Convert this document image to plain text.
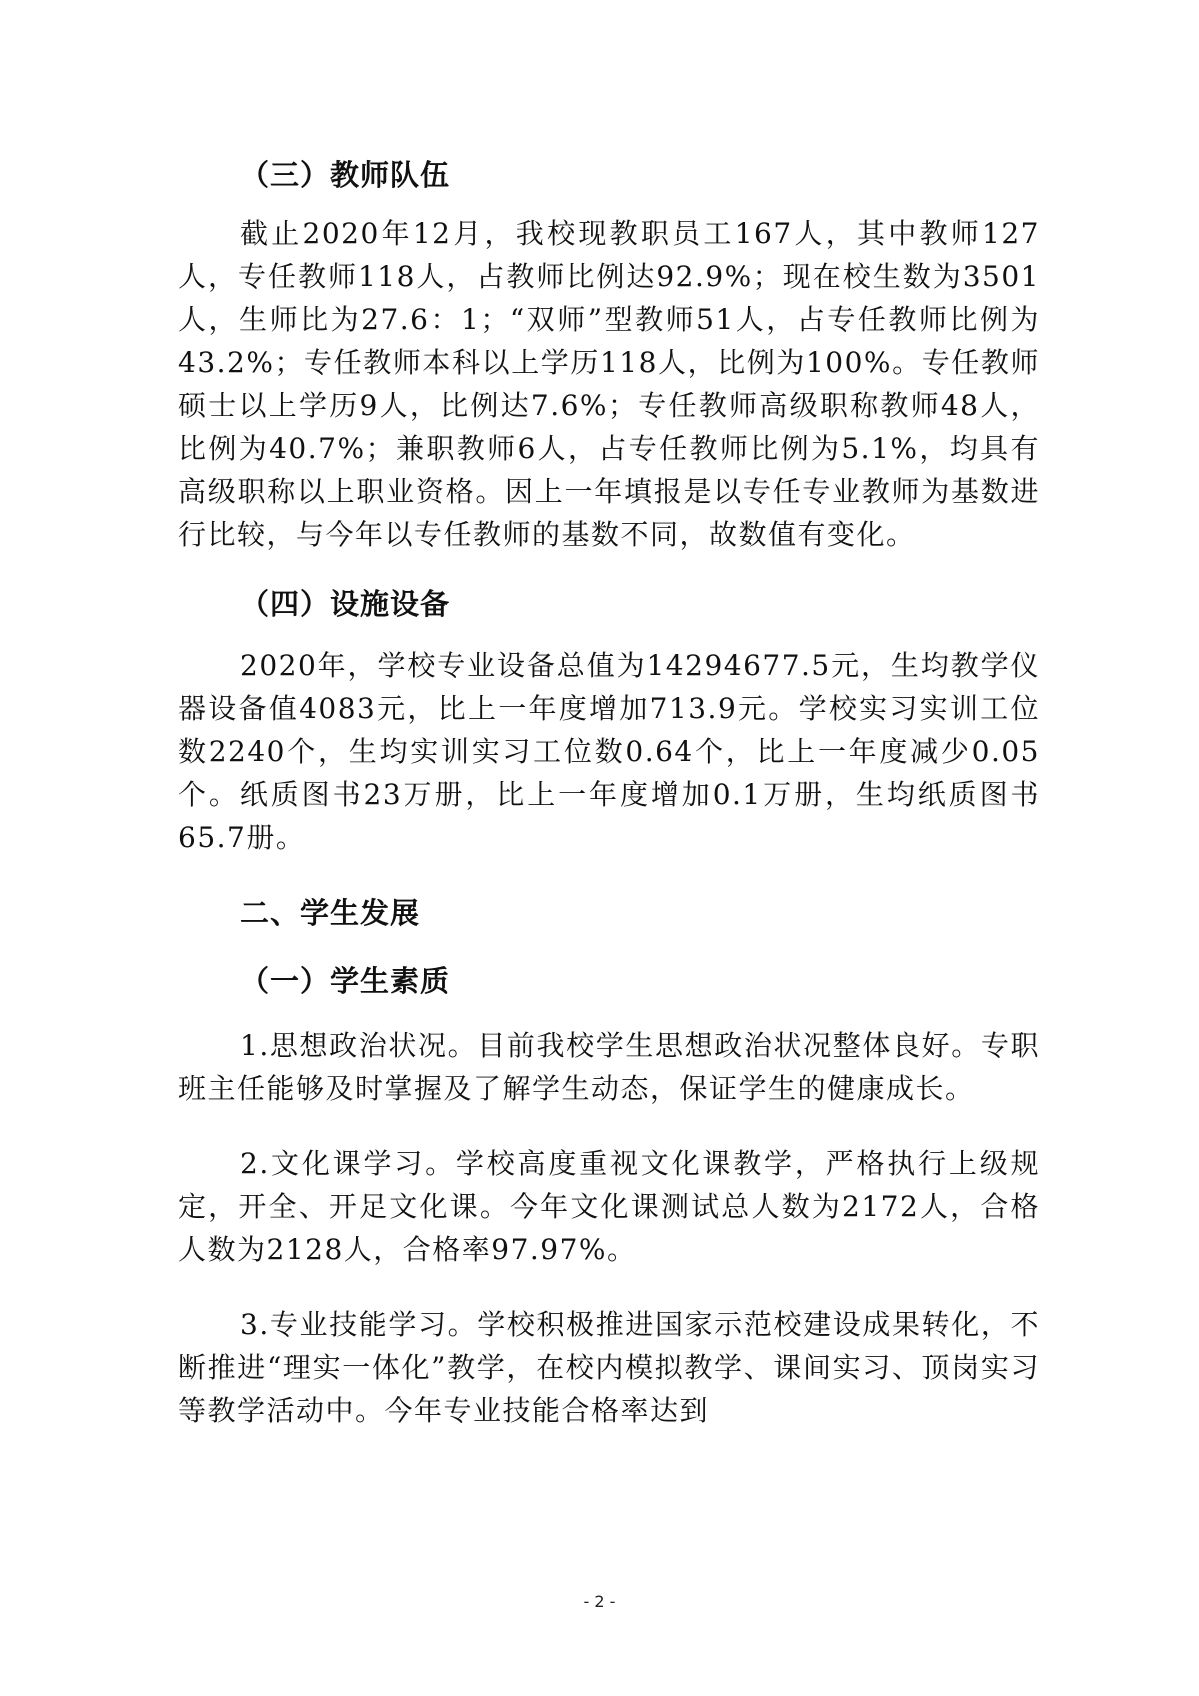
（三）教师队伍

截止2020年12月，我校现教职员工167人，其中教师127人，专任教师118人，占教师比例达92.9%；现在校生数为3501人，生师比为27.6：1；“双师”型教师51人，占专任教师比例为43.2%；专任教师本科以上学历118人，比例为100%。专任教师硕士以上学历9人，比例达7.6%；专任教师高级职称教师48人，比例为40.7%；兼职教师6人，占专任教师比例为5.1%，均具有高级职称以上职业资格。因上一年填报是以专任专业教师为基数进行比较，与今年以专任教师的基数不同，故数值有变化。

（四）设施设备

2020年，学校专业设备总值为14294677.5元，生均教学仪器设备值4083元，比上一年度增加713.9元。学校实习实训工位数2240个，生均实训实习工位数0.64个，比上一年度减少0.05个。纸质图书23万册，比上一年度增加0.1万册，生均纸质图书65.7册。

二、学生发展
（一）学生素质

1.思想政治状况。目前我校学生思想政治状况整体良好。专职班主任能够及时掌握及了解学生动态，保证学生的健康成长。

2.文化课学习。学校高度重视文化课教学，严格执行上级规定，开全、开足文化课。今年文化课测试总人数为2172人，合格人数为2128人，合格率97.97%。

3.专业技能学习。学校积极推进国家示范校建设成果转化，不断推进“理实一体化”教学，在校内模拟教学、课间实习、顶岗实习等教学活动中。今年专业技能合格率达到

- 2 -
